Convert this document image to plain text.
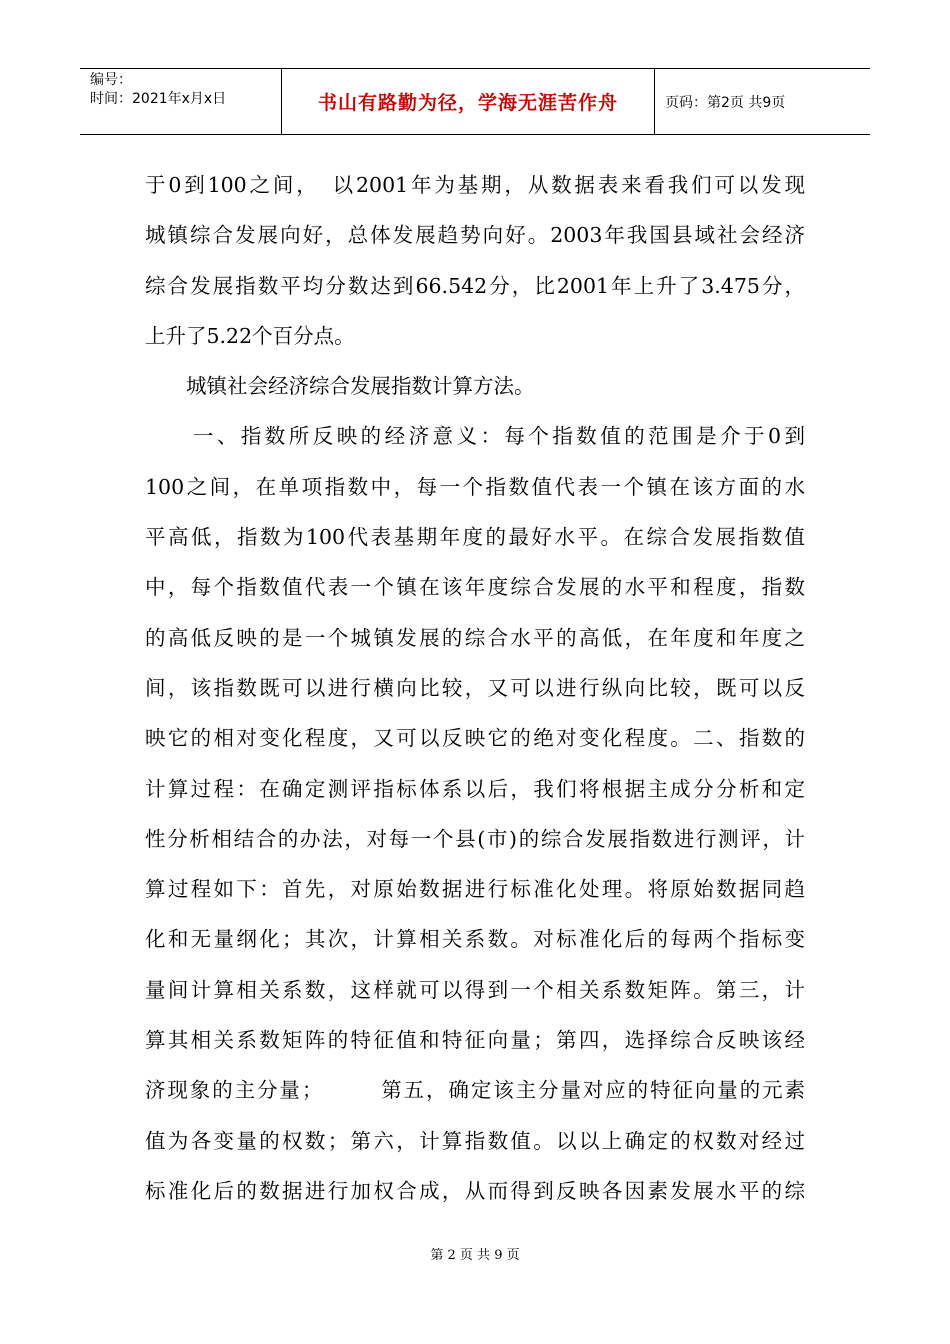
编号：
时间：2021年x月x日	书山有路勤为径，学海无涯苦作舟	页码：第2页 共9页
于0到100之间，　以2001年为基期，从数据表来看我们可以发现
城镇综合发展向好，总体发展趋势向好。2003年我国县域社会经济
综合发展指数平均分数达到66.542分，比2001年上升了3.475分，
上升了5.22个百分点。
　　城镇社会经济综合发展指数计算方法。
　　一、指数所反映的经济意义：每个指数值的范围是介于0到
100之间，在单项指数中，每一个指数值代表一个镇在该方面的水
平高低，指数为100代表基期年度的最好水平。在综合发展指数值
中，每个指数值代表一个镇在该年度综合发展的水平和程度，指数
的高低反映的是一个城镇发展的综合水平的高低，在年度和年度之
间，该指数既可以进行横向比较，又可以进行纵向比较，既可以反
映它的相对变化程度，又可以反映它的绝对变化程度。二、指数的
计算过程：在确定测评指标体系以后，我们将根据主成分分析和定
性分析相结合的办法，对每一个县(市)的综合发展指数进行测评，计
算过程如下：首先，对原始数据进行标准化处理。将原始数据同趋
化和无量纲化；其次，计算相关系数。对标准化后的每两个指标变
量间计算相关系数，这样就可以得到一个相关系数矩阵。第三，计
算其相关系数矩阵的特征值和特征向量；第四，选择综合反映该经
济现象的主分量；　　　第五，确定该主分量对应的特征向量的元素
值为各变量的权数；第六，计算指数值。以以上确定的权数对经过
标准化后的数据进行加权合成，从而得到反映各因素发展水平的综
第 2 页 共 9 页
